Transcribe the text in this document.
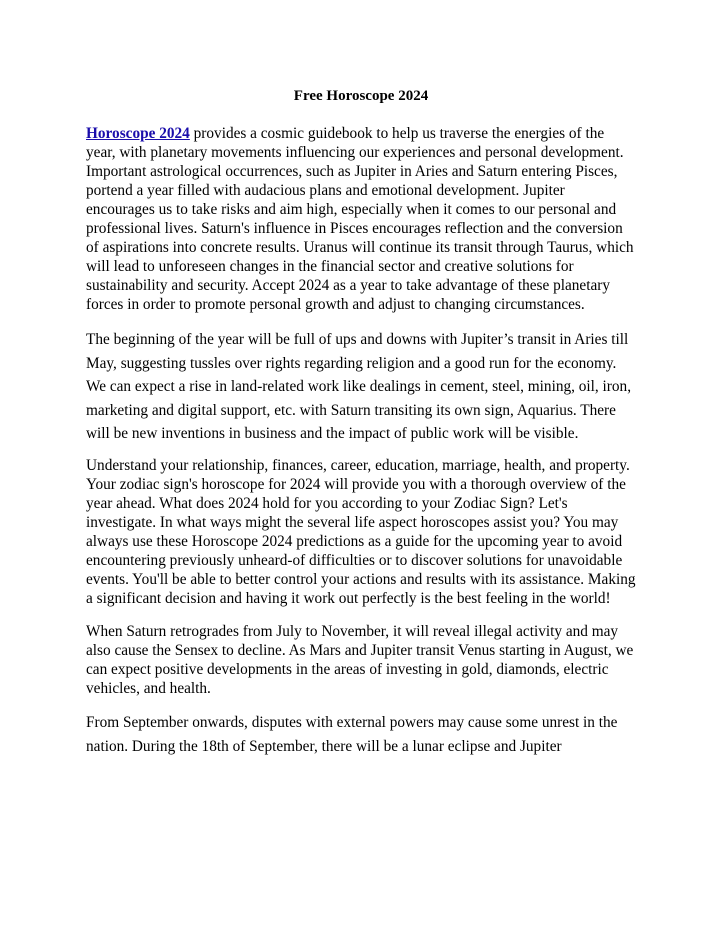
Free Horoscope 2024

Horoscope 2024 provides a cosmic guidebook to help us traverse the energies of the year, with planetary movements influencing our experiences and personal development. Important astrological occurrences, such as Jupiter in Aries and Saturn entering Pisces, portend a year filled with audacious plans and emotional development. Jupiter encourages us to take risks and aim high, especially when it comes to our personal and professional lives. Saturn's influence in Pisces encourages reflection and the conversion of aspirations into concrete results. Uranus will continue its transit through Taurus, which will lead to unforeseen changes in the financial sector and creative solutions for sustainability and security. Accept 2024 as a year to take advantage of these planetary forces in order to promote personal growth and adjust to changing circumstances.

The beginning of the year will be full of ups and downs with Jupiter’s transit in Aries till May, suggesting tussles over rights regarding religion and a good run for the economy. We can expect a rise in land-related work like dealings in cement, steel, mining, oil, iron, marketing and digital support, etc. with Saturn transiting its own sign, Aquarius. There will be new inventions in business and the impact of public work will be visible.

Understand your relationship, finances, career, education, marriage, health, and property. Your zodiac sign's horoscope for 2024 will provide you with a thorough overview of the year ahead. What does 2024 hold for you according to your Zodiac Sign? Let's investigate. In what ways might the several life aspect horoscopes assist you? You may always use these Horoscope 2024 predictions as a guide for the upcoming year to avoid encountering previously unheard-of difficulties or to discover solutions for unavoidable events. You'll be able to better control your actions and results with its assistance. Making a significant decision and having it work out perfectly is the best feeling in the world!

When Saturn retrogrades from July to November, it will reveal illegal activity and may also cause the Sensex to decline. As Mars and Jupiter transit Venus starting in August, we can expect positive developments in the areas of investing in gold, diamonds, electric vehicles, and health.

From September onwards, disputes with external powers may cause some unrest in the nation. During the 18th of September, there will be a lunar eclipse and Jupiter
